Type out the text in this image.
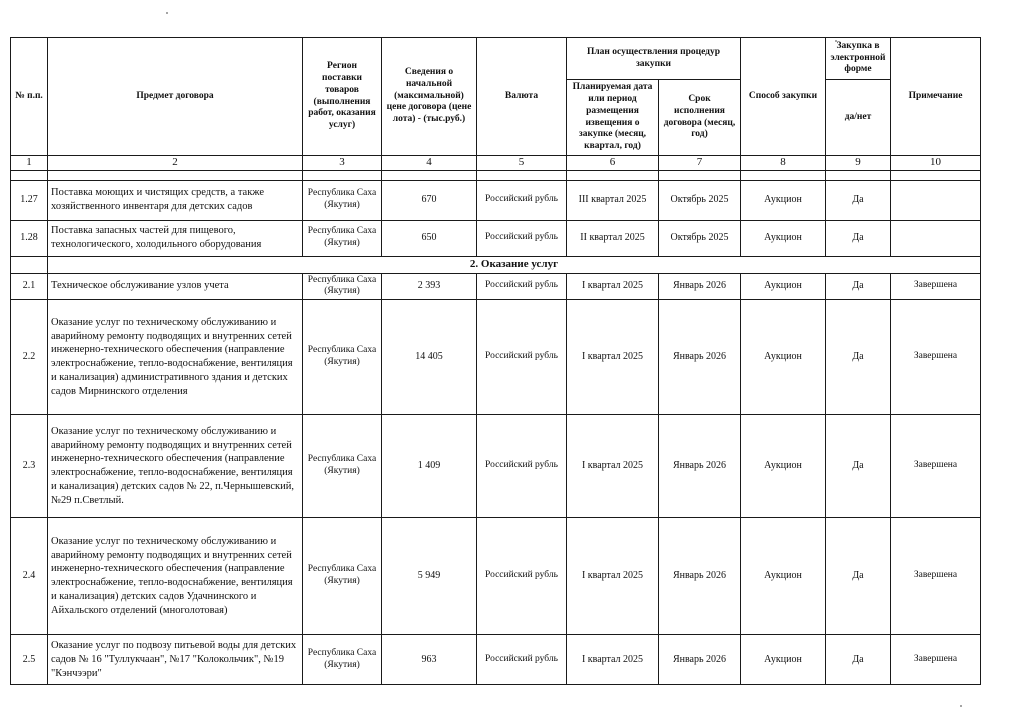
№ п.п.	Предмет договора	Регион поставки товаров (выполнения работ, оказания услуг)	Сведения о начальной (максимальной) цене договора (цене лота) - (тыс.руб.)	Валюта	План осуществления процедур закупки		Способ закупки	Закупка в электронной форме	Примечание
					Планируемая дата или период размещения извещения о закупке (месяц, квартал, год)	Срок исполнения договора (месяц, год)		да/нет	
1	2	3	4	5	6	7	8	9	10

1.27	Поставка моющих и чистящих средств, а также хозяйственного инвентаря для детских садов	Республика Саха (Якутия)	670	Российский рубль	III квартал 2025	Октябрь 2025	Аукцион	Да	
1.28	Поставка запасных частей для пищевого, технологического, холодильного оборудования	Республика Саха (Якутия)	650	Российский рубль	II квартал 2025	Октябрь 2025	Аукцион	Да	
	2. Оказание услуг								
2.1	Техническое обслуживание узлов учета	Республика Саха (Якутия)	2 393	Российский рубль	I квартал 2025	Январь 2026	Аукцион	Да	Завершена
2.2	Оказание услуг по техническому обслуживанию и аварийному ремонту подводящих и внутренних сетей инженерно-технического обеспечения (направление электроснабжение, тепло-водоснабжение, вентиляция и канализация) административного здания и детских садов Мирнинского отделения	Республика Саха (Якутия)	14 405	Российский рубль	I квартал 2025	Январь 2026	Аукцион	Да	Завершена
2.3	Оказание услуг по техническому обслуживанию и аварийному ремонту подводящих и внутренних сетей инженерно-технического обеспечения (направление электроснабжение, тепло-водоснабжение, вентиляция и канализация) детских садов № 22, п.Чернышевский, №29 п.Светлый.	Республика Саха (Якутия)	1 409	Российский рубль	I квартал 2025	Январь 2026	Аукцион	Да	Завершена
2.4	Оказание услуг по техническому обслуживанию и аварийному ремонту подводящих и внутренних сетей инженерно-технического обеспечения (направление электроснабжение, тепло-водоснабжение, вентиляция и канализация) детских садов Удачнинского и Айхальского отделений (многолотовая)	Республика Саха (Якутия)	5 949	Российский рубль	I квартал 2025	Январь 2026	Аукцион	Да	Завершена
2.5	Оказание услуг по подвозу питьевой воды для детских садов № 16 "Туллукчаан", №17 "Колокольчик", №19 "Кэнчээри"	Республика Саха (Якутия)	963	Российский рубль	I квартал 2025	Январь 2026	Аукцион	Да	Завершена
